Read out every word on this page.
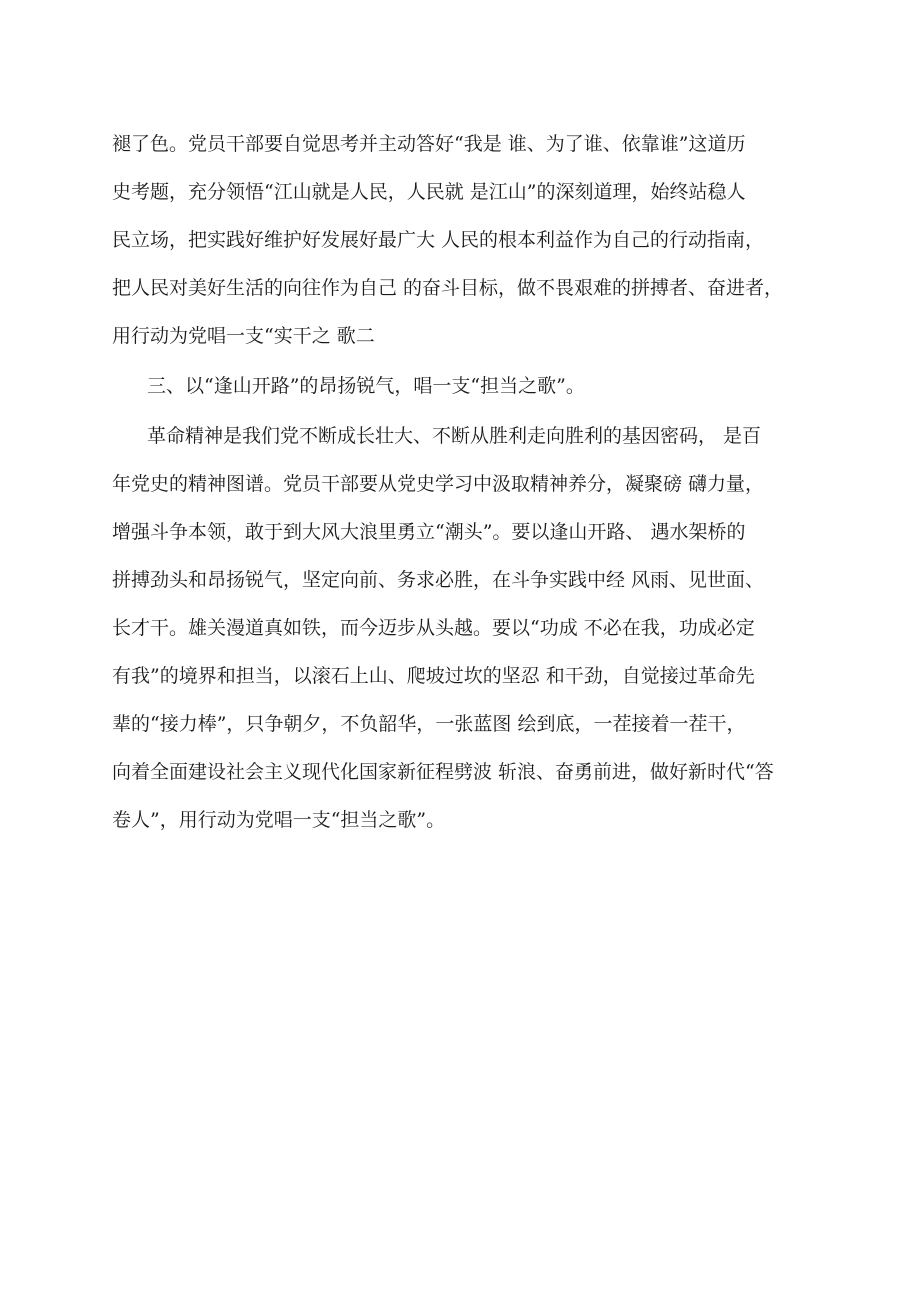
褪了色。党员干部要自觉思考并主动答好“我是 谁、为了谁、依靠谁”这道历
史考题，充分领悟“江山就是人民，人民就 是江山”的深刻道理，始终站稳人
民立场，把实践好维护好发展好最广大 人民的根本利益作为自己的行动指南，
把人民对美好生活的向往作为自己 的奋斗目标，做不畏艰难的拼搏者、奋进者，
用行动为党唱一支“实干之 歌二
三、以“逢山开路”的昂扬锐气，唱一支“担当之歌”。
革命精神是我们党不断成长壮大、不断从胜利走向胜利的基因密码， 是百
年党史的精神图谱。党员干部要从党史学习中汲取精神养分，凝聚磅 礴力量，
增强斗争本领，敢于到大风大浪里勇立“潮头”。要以逢山开路、 遇水架桥的
拼搏劲头和昂扬锐气，坚定向前、务求必胜，在斗争实践中经 风雨、见世面、
长才干。雄关漫道真如铁，而今迈步从头越。要以“功成 不必在我，功成必定
有我”的境界和担当，以滚石上山、爬坡过坎的坚忍 和干劲，自觉接过革命先
辈的“接力棒”，只争朝夕，不负韶华，一张蓝图 绘到底，一茬接着一茬干，
向着全面建设社会主义现代化国家新征程劈波 斩浪、奋勇前进，做好新时代“答
卷人”，用行动为党唱一支“担当之歌”。
